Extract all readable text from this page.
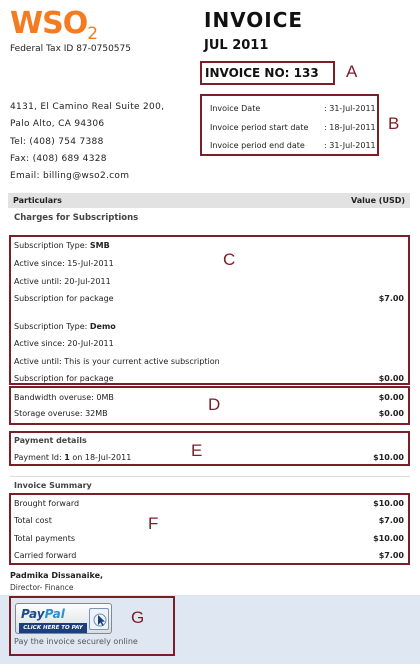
WSO2
Federal Tax ID 87-0750575
INVOICE
JUL 2011
INVOICE NO: 133	A
4131, El Camino Real Suite 200,
Palo Alto, CA 94306
Tel: (408) 754 7388
Fax: (408) 689 4328
Email: billing@wso2.com
Invoice Date	: 31-Jul-2011
Invoice period start date : 18-Jul-2011
Invoice period end date : 31-Jul-2011
B
Particulars	Value (USD)
Charges for Subscriptions
Subscription Type: SMB
Active since: 15-Jul-2011
Active until: 20-Jul-2011
Subscription for package	$7.00
Subscription Type: Demo
Active since: 20-Jul-2011
Active until: This is your current active subscription
Subscription for package	$0.00
C
Bandwidth overuse: 0MB	$0.00
Storage overuse: 32MB	$0.00
D
Payment details
Payment Id: 1 on 18-Jul-2011	$10.00
E
Invoice Summary
Brought forward	$10.00
Total cost	$7.00
Total payments	$10.00
Carried forward	$7.00
F
Padmika Dissanaike,
Director- Finance
PayPal
CLICK HERE TO PAY
Pay the invoice securely online
G
